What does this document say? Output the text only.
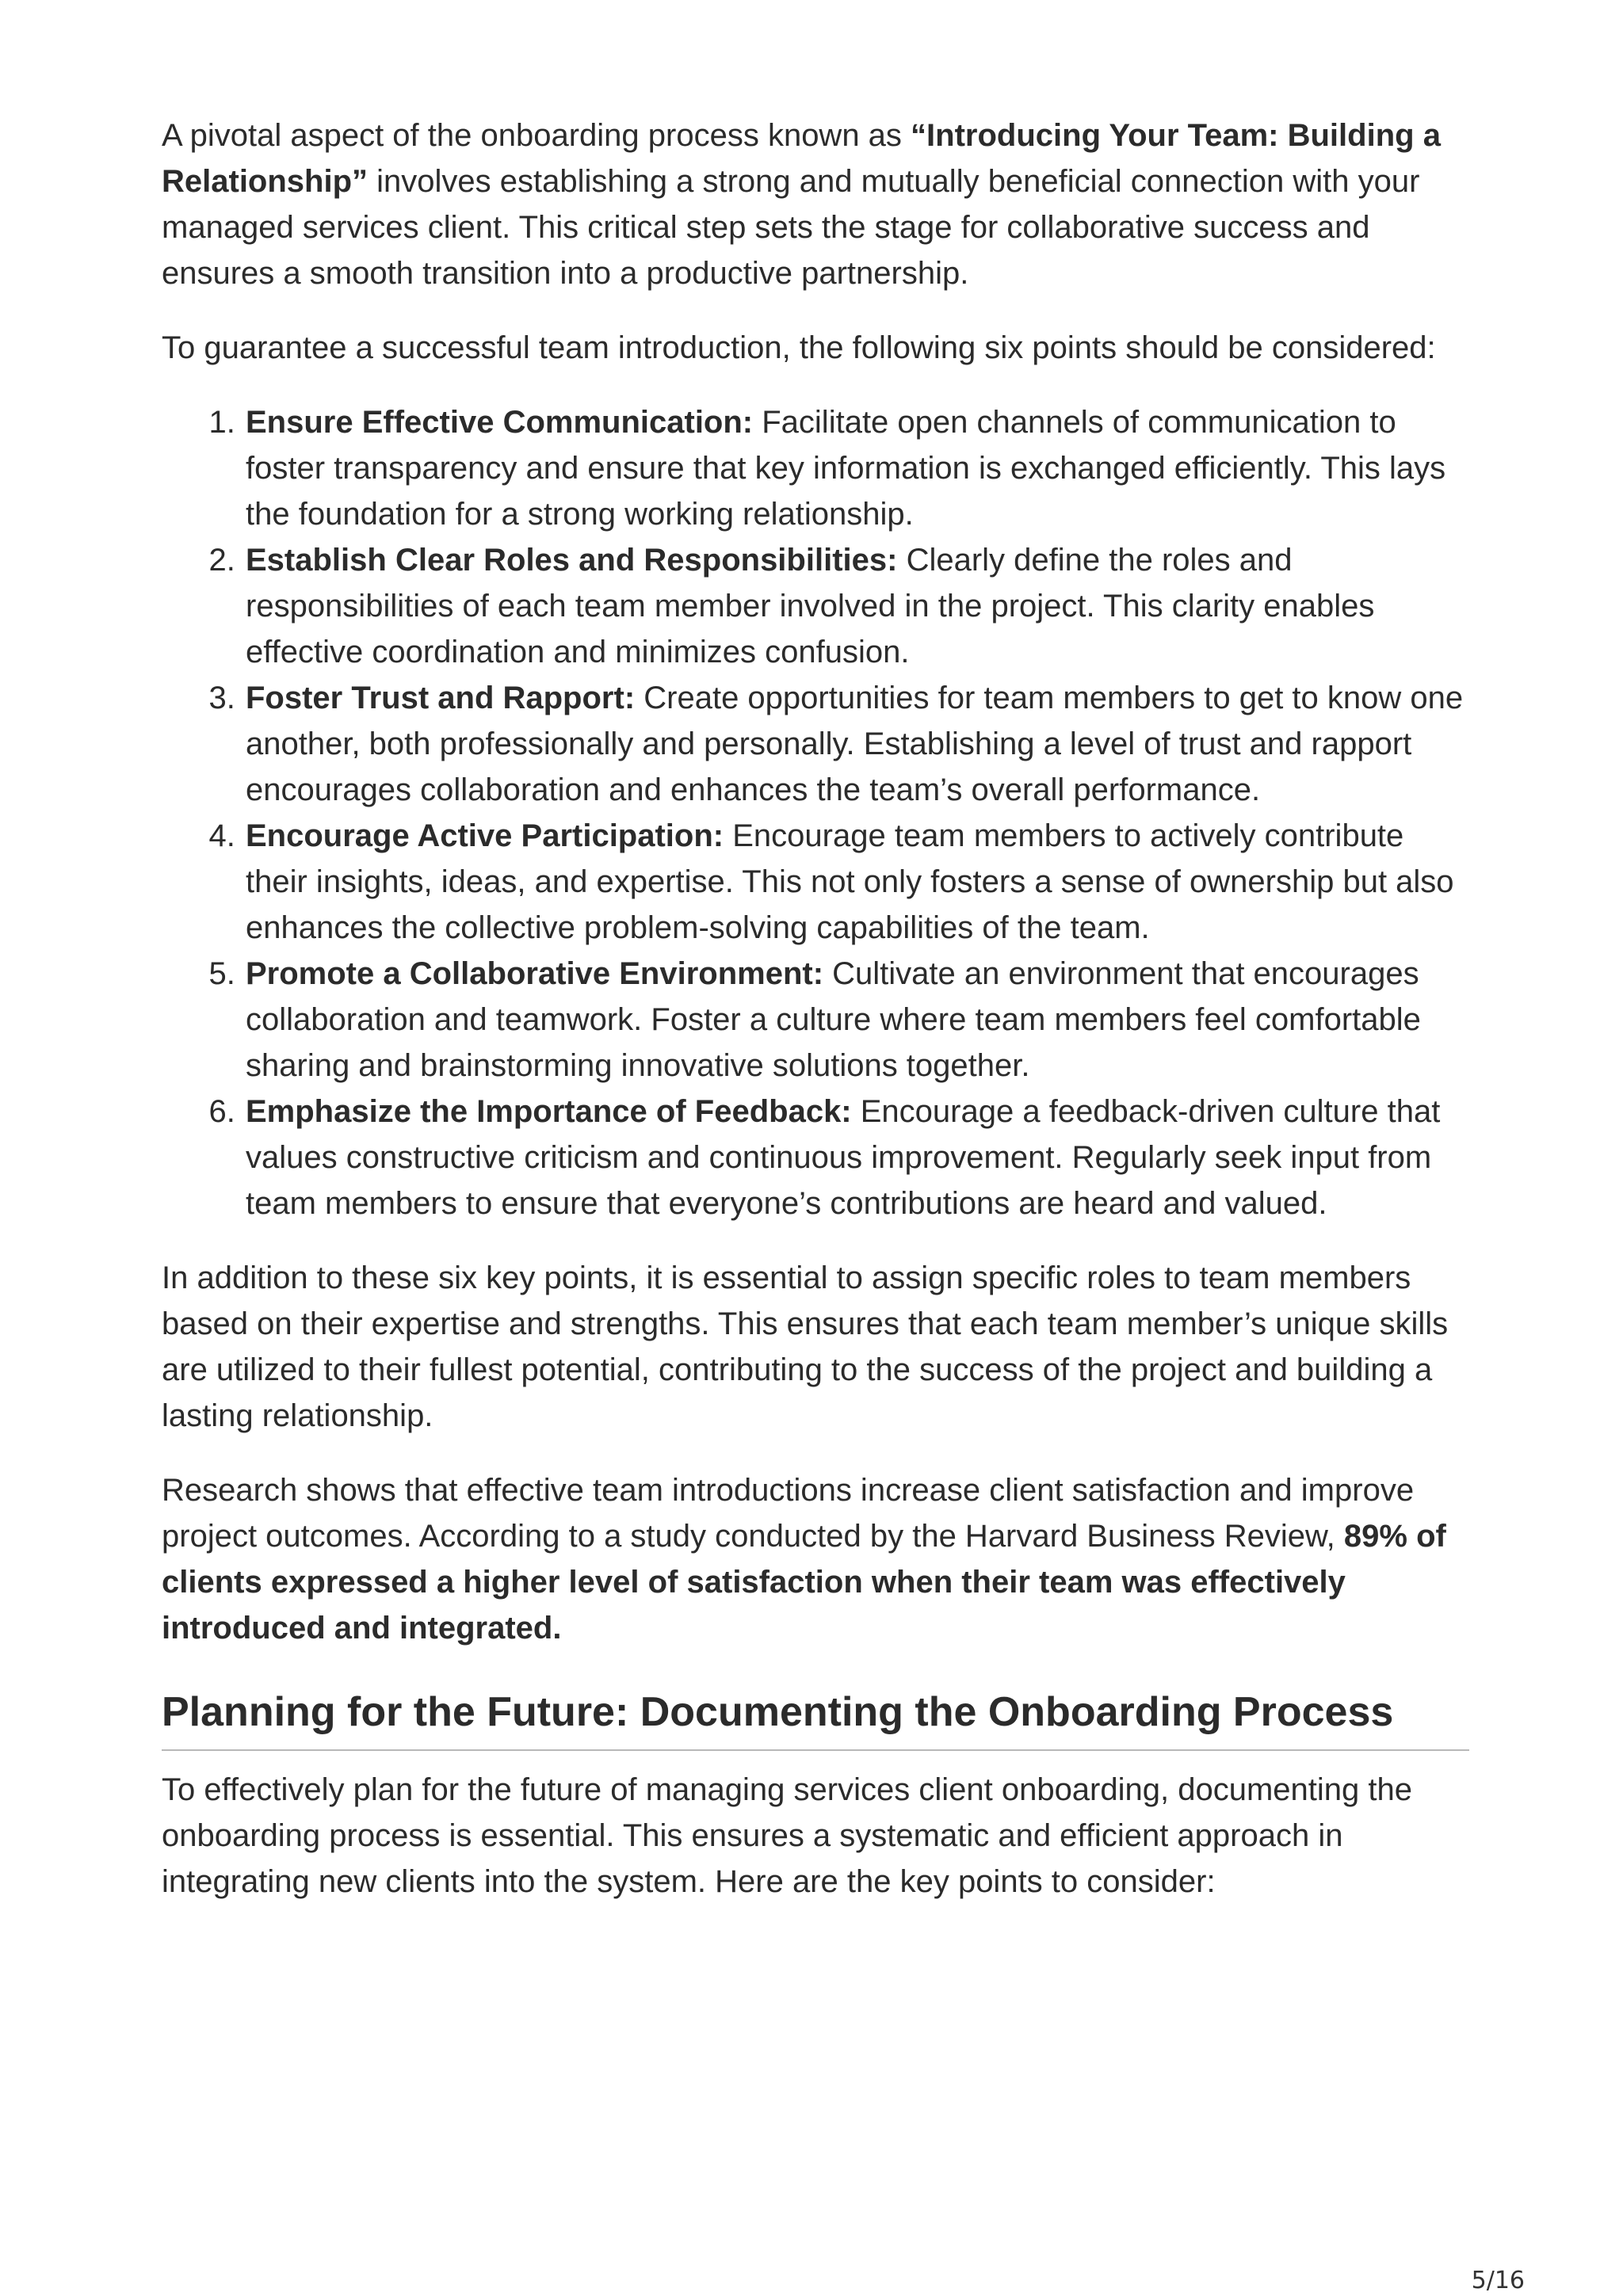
A pivotal aspect of the onboarding process known as “Introducing Your Team: Building a Relationship” involves establishing a strong and mutually beneficial connection with your managed services client. This critical step sets the stage for collaborative success and ensures a smooth transition into a productive partnership.

To guarantee a successful team introduction, the following six points should be considered:

1. Ensure Effective Communication: Facilitate open channels of communication to foster transparency and ensure that key information is exchanged efficiently. This lays the foundation for a strong working relationship.
2. Establish Clear Roles and Responsibilities: Clearly define the roles and responsibilities of each team member involved in the project. This clarity enables effective coordination and minimizes confusion.
3. Foster Trust and Rapport: Create opportunities for team members to get to know one another, both professionally and personally. Establishing a level of trust and rapport encourages collaboration and enhances the team’s overall performance.
4. Encourage Active Participation: Encourage team members to actively contribute their insights, ideas, and expertise. This not only fosters a sense of ownership but also enhances the collective problem-solving capabilities of the team.
5. Promote a Collaborative Environment: Cultivate an environment that encourages collaboration and teamwork. Foster a culture where team members feel comfortable sharing and brainstorming innovative solutions together.
6. Emphasize the Importance of Feedback: Encourage a feedback-driven culture that values constructive criticism and continuous improvement. Regularly seek input from team members to ensure that everyone’s contributions are heard and valued.

In addition to these six key points, it is essential to assign specific roles to team members based on their expertise and strengths. This ensures that each team member’s unique skills are utilized to their fullest potential, contributing to the success of the project and building a lasting relationship.

Research shows that effective team introductions increase client satisfaction and improve project outcomes. According to a study conducted by the Harvard Business Review, 89% of clients expressed a higher level of satisfaction when their team was effectively introduced and integrated.

Planning for the Future: Documenting the Onboarding Process

To effectively plan for the future of managing services client onboarding, documenting the onboarding process is essential. This ensures a systematic and efficient approach in integrating new clients into the system. Here are the key points to consider:

5/16
